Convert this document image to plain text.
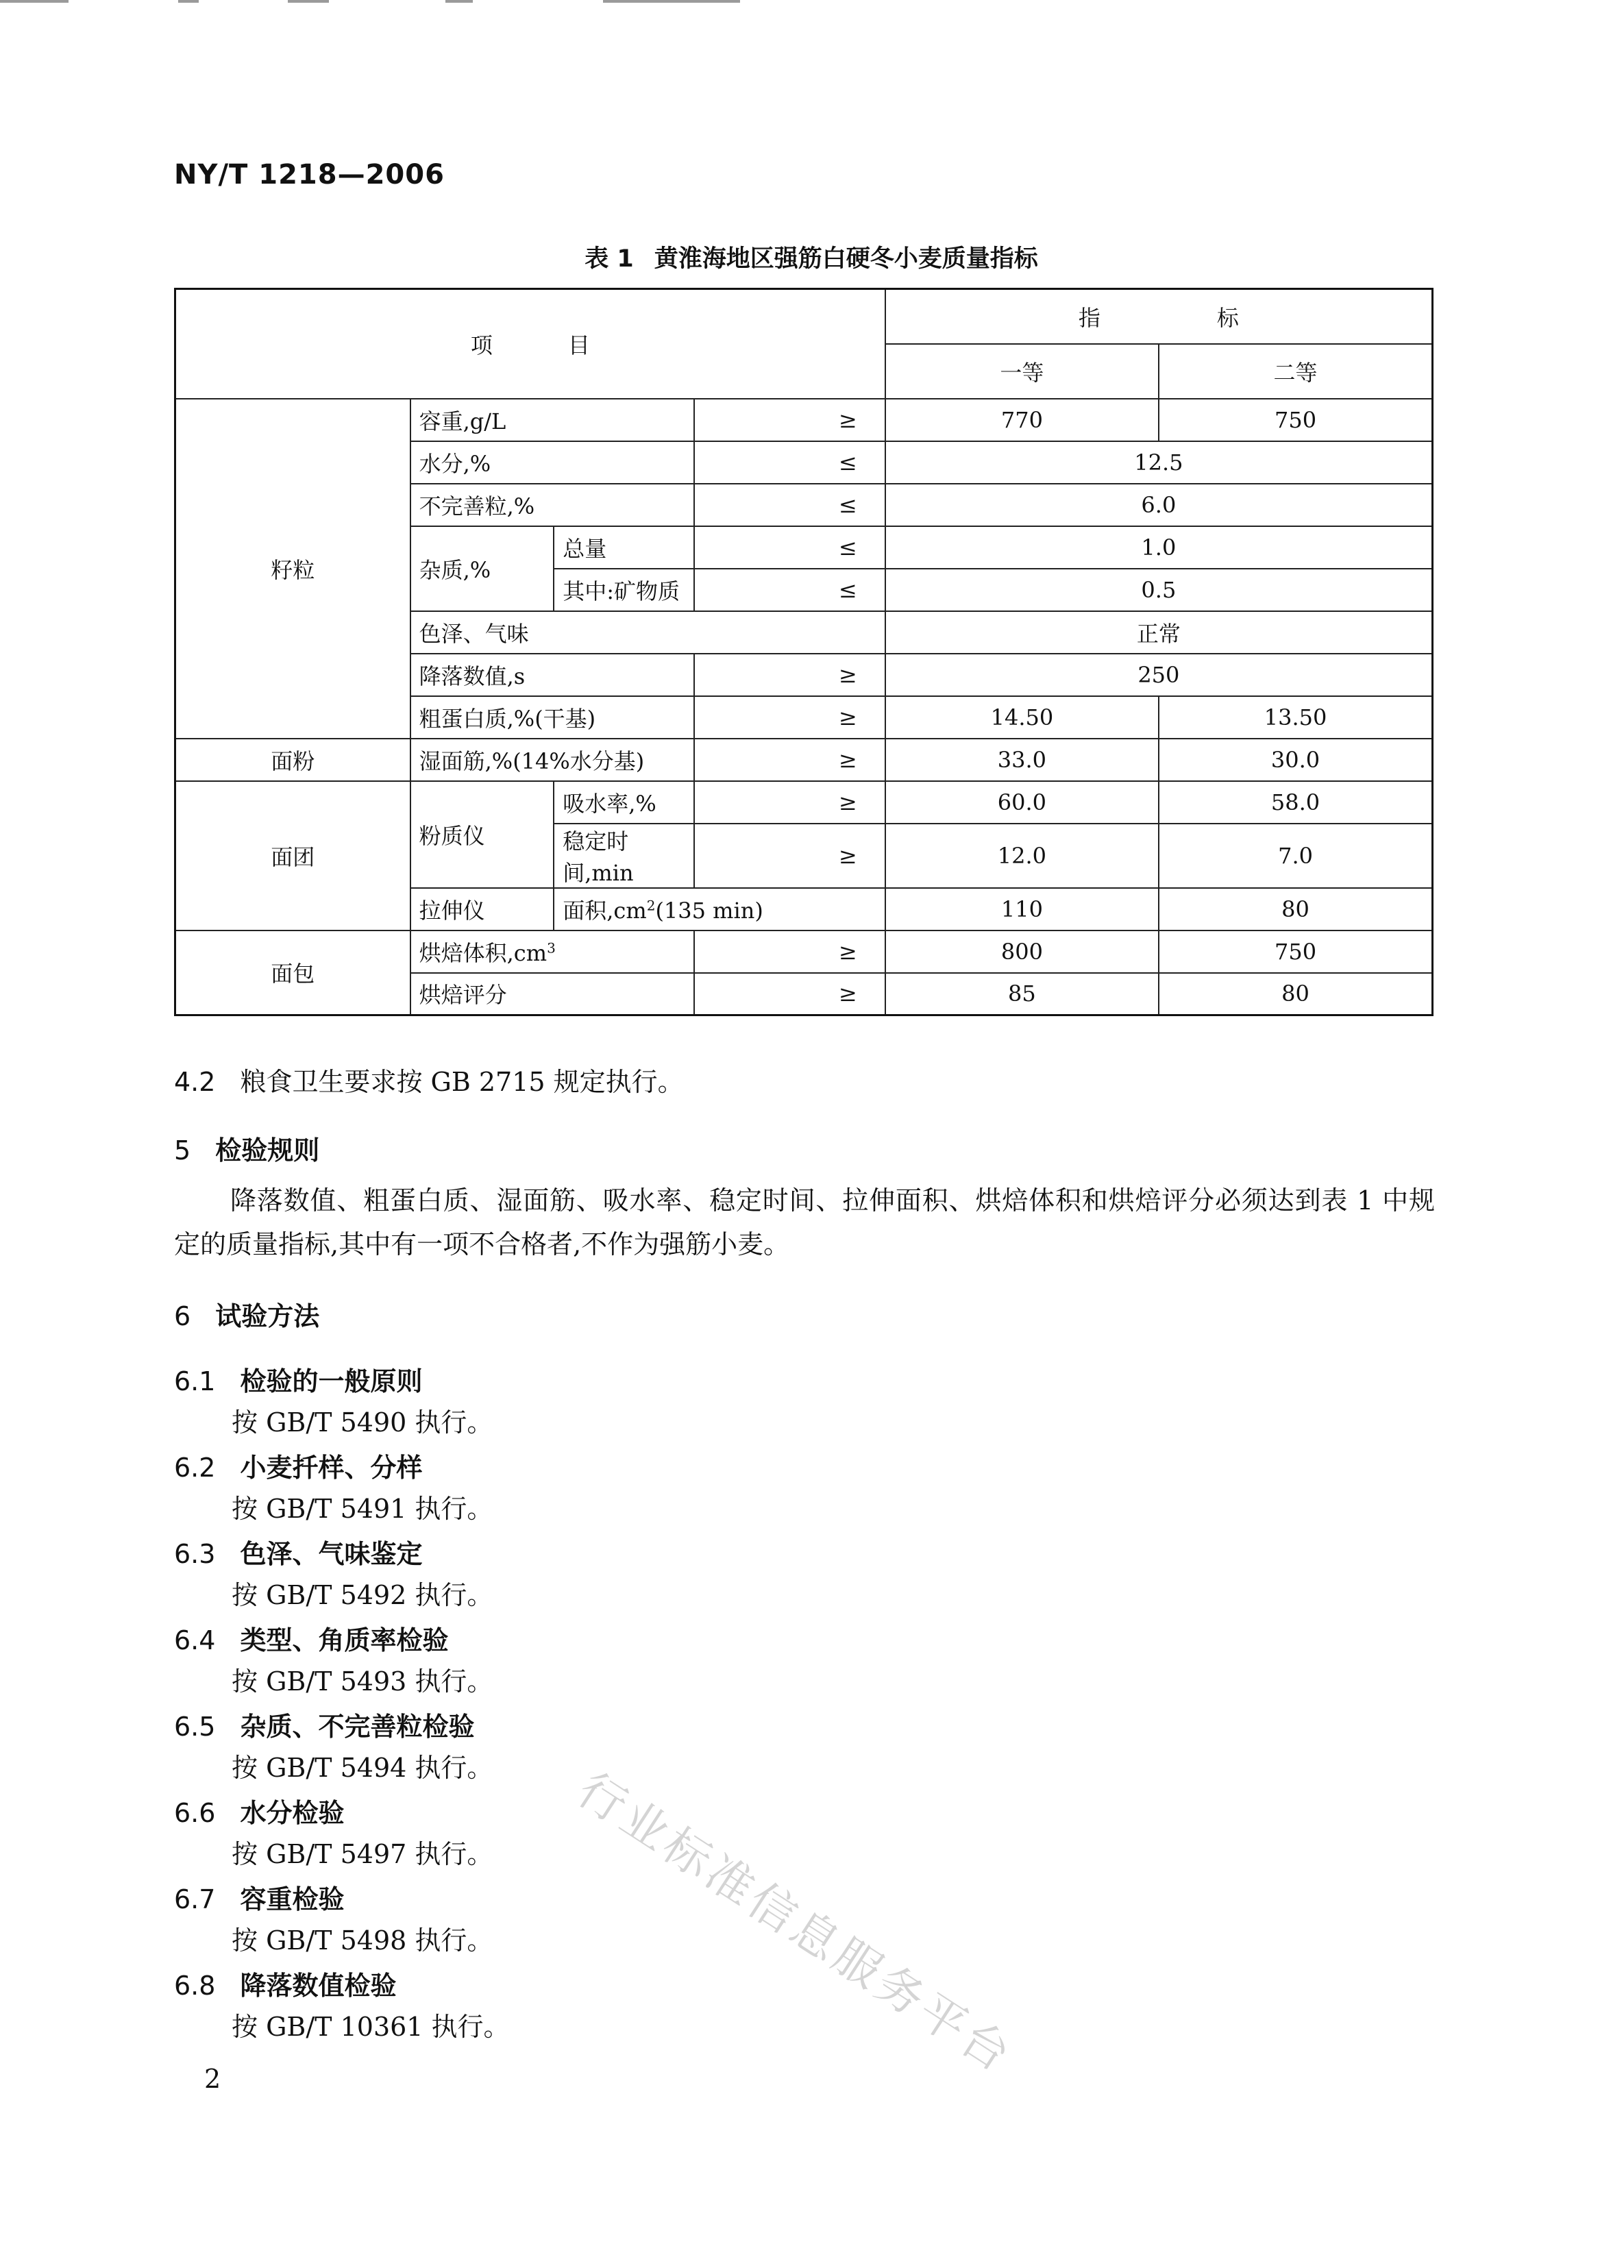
NY/T 1218—2006
表 1 黄淮海地区强筋白硬冬小麦质量指标
项目				指标	
				一等	二等
籽粒	容重,g/L		≥	770	750
	水分,%		≤	12.5	
	不完善粒,%		≤	6.0	
	杂质,%	总量	≤	1.0	
		其中:矿物质	≤	0.5	
	色泽、气味			正常	
	降落数值,s		≥	250	
	粗蛋白质,%(干基)		≥	14.50	13.50
面粉	湿面筋,%(14%水分基)		≥	33.0	30.0
面团	粉质仪	吸水率,%	≥	60.0	58.0
		稳定时间,min	≥	12.0	7.0
	拉伸仪	面积$,cm^2(135$ min)		110	80
面包	烘焙体积$,cm^3$		≥	800	750
	烘焙评分		≥	85	80
4.2 粮食卫生要求按 GB 2715 规定执行。
5 检验规则
降落数值、粗蛋白质、湿面筋、吸水率、稳定时间、拉伸面积、烘焙体积和烘焙评分必须达到表 1 中规定的质量指标,其中有一项不合格者,不作为强筋小麦。
6 试验方法
6.1 检验的一般原则
按 GB/T 5490 执行。
6.2 小麦扦样、分样
按 GB/T 5491 执行。
6.3 色泽、气味鉴定
按 GB/T 5492 执行。
6.4 类型、角质率检验
按 GB/T 5493 执行。
6.5 杂质、不完善粒检验
按 GB/T 5494 执行。
6.6 水分检验
按 GB/T 5497 执行。
6.7 容重检验
按 GB/T 5498 执行。
6.8 降落数值检验
按 GB/T 10361 执行。
2	行业标准信息服务平台
